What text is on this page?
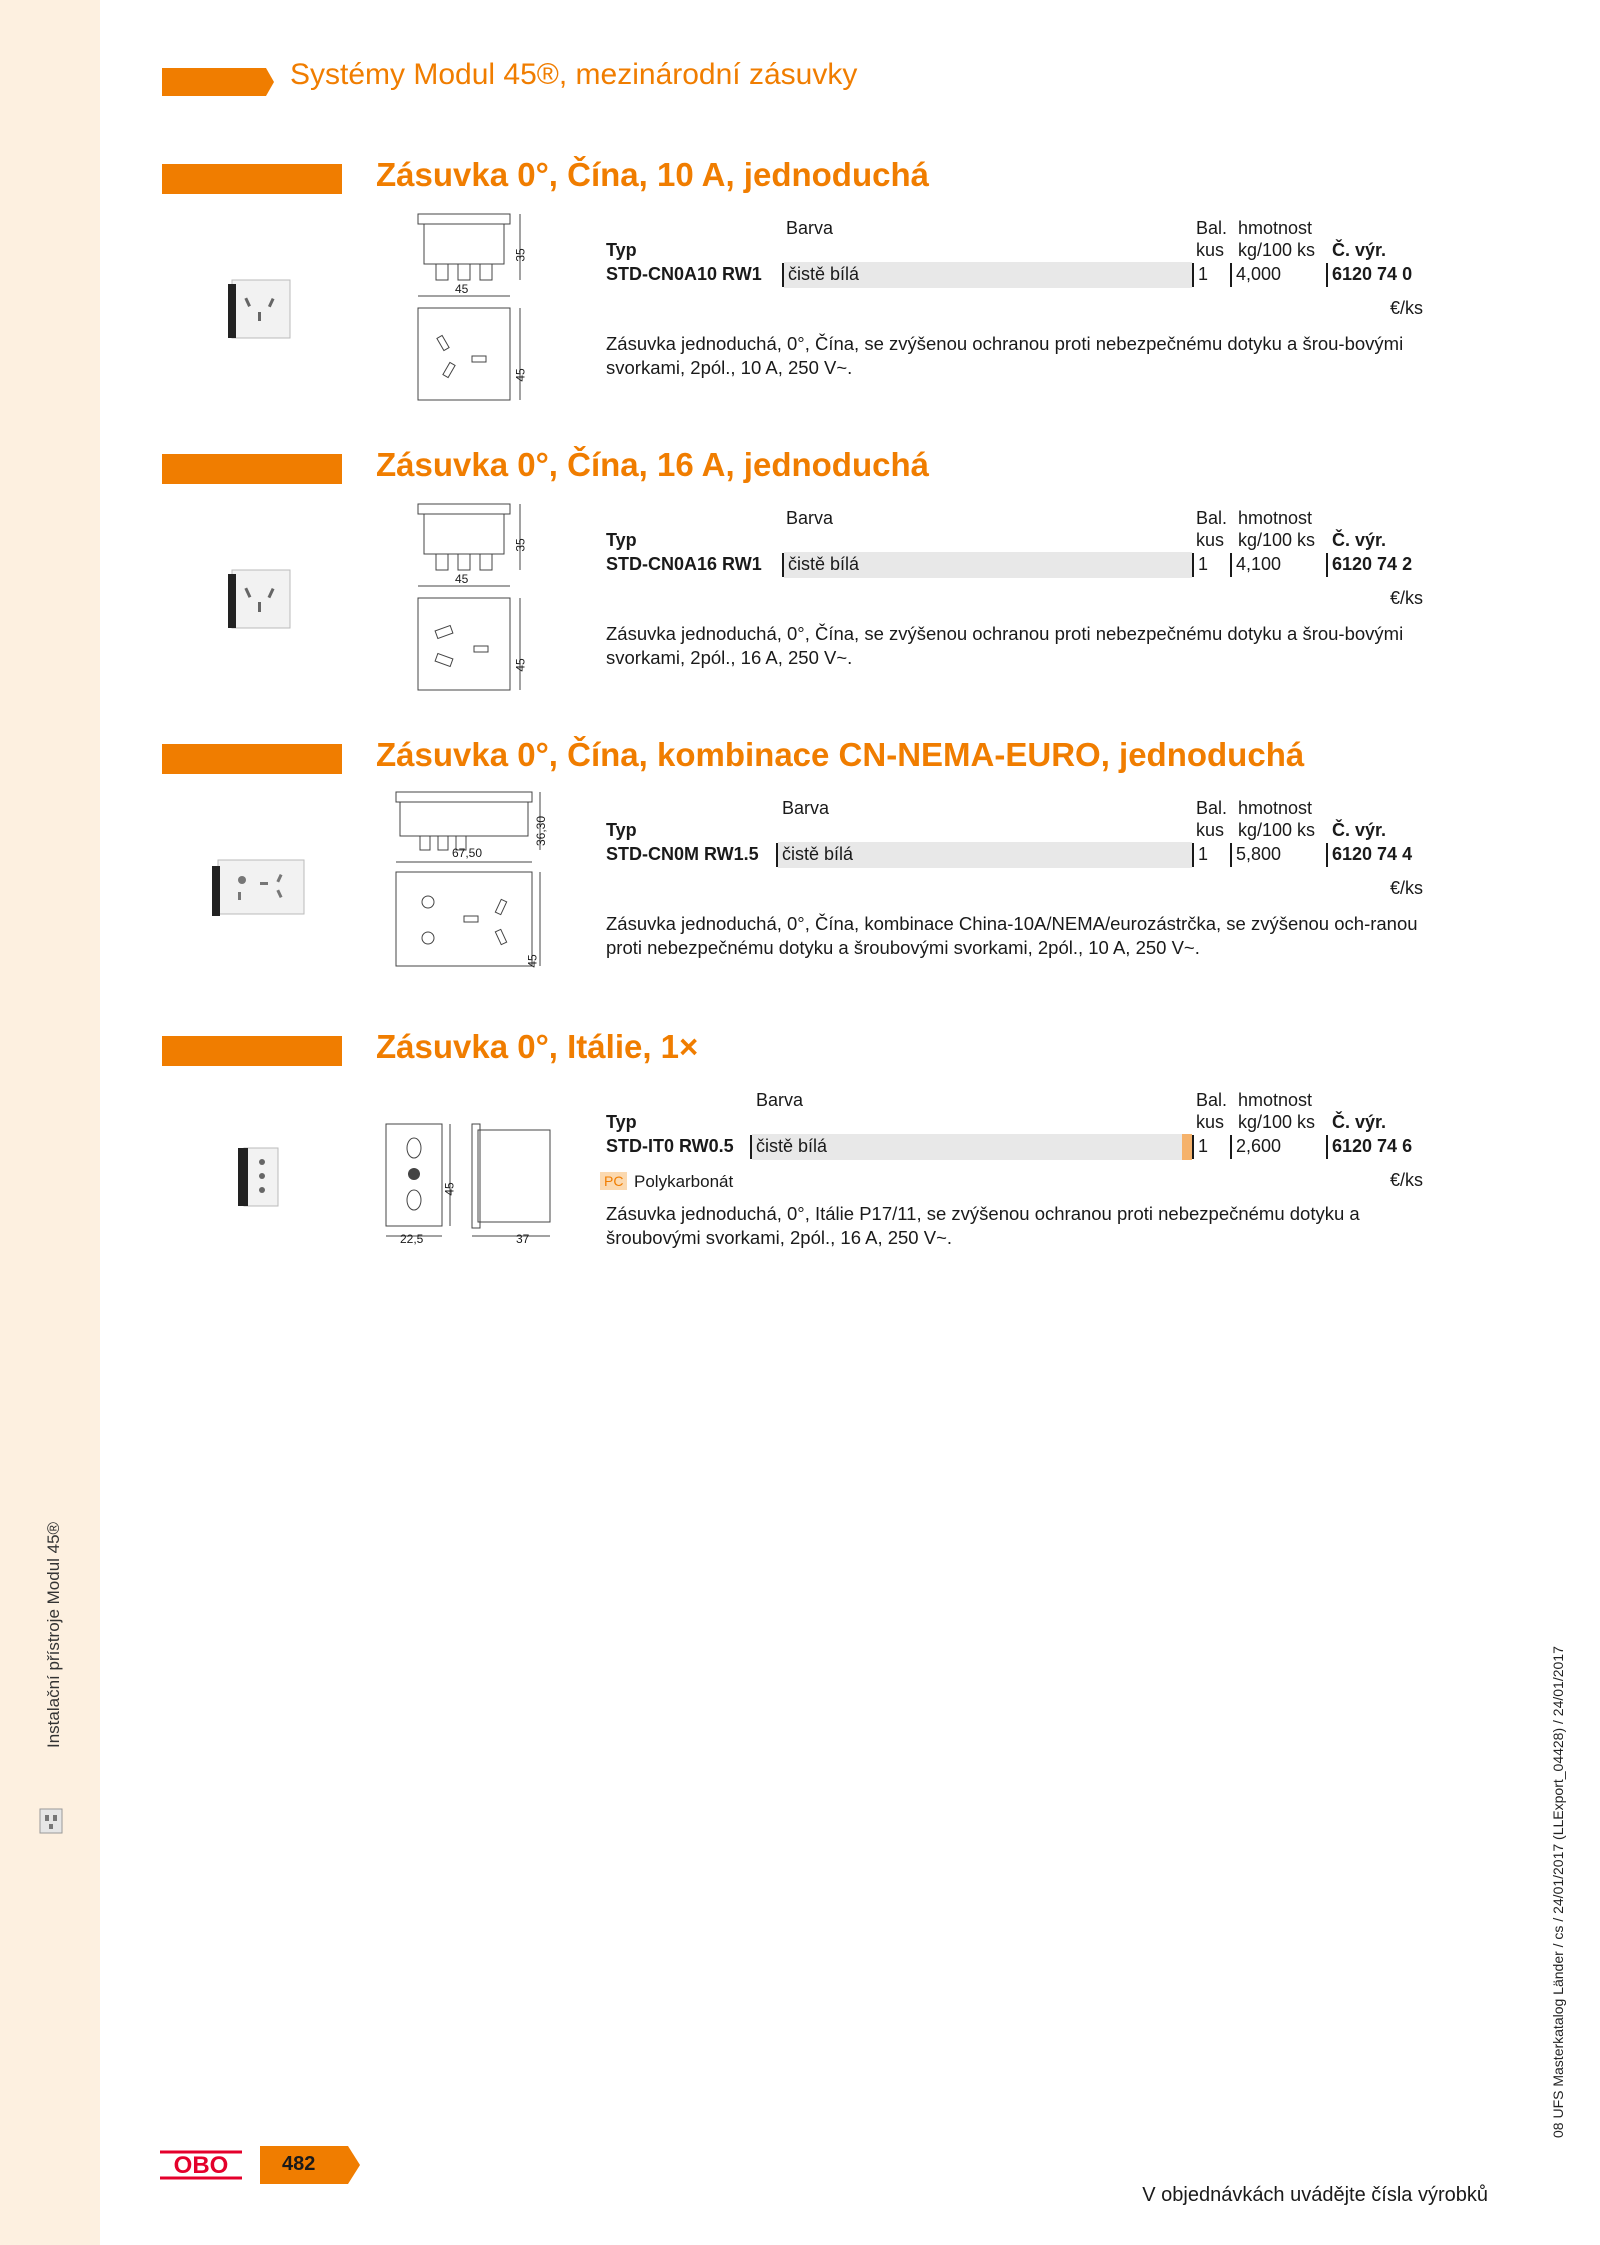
Instalační přístroje Modul 45®
08 UFS Masterkatalog Länder / cs / 24/01/2017 (LLExport_04428) / 24/01/2017
Systémy Modul 45®, mezinárodní zásuvky
Zásuvka 0°, Čína, 10 A, jednoduchá
35
45
45
Barva	Bal. hmotnost
Typ	kus kg/100 ks Č. výr.
STD-CN0A10 RW1 čistě bílá	1 4,000	6120 74 0
€/ks
Zásuvka jednoduchá, 0°, Čína, se zvýšenou ochranou proti nebezpečnému dotyku a šrou-bovými svorkami, 2pól., 10 A, 250 V~.
Zásuvka 0°, Čína, 16 A, jednoduchá
35
45
45
Barva	Bal. hmotnost
Typ	kus kg/100 ks Č. výr.
STD-CN0A16 RW1 čistě bílá	1 4,100	6120 74 2
€/ks
Zásuvka jednoduchá, 0°, Čína, se zvýšenou ochranou proti nebezpečnému dotyku a šrou-bovými svorkami, 2pól., 16 A, 250 V~.
Zásuvka 0°, Čína, kombinace CN-NEMA-EURO, jednoduchá
36,30
67,50
45
Barva	Bal. hmotnost
Typ	kus kg/100 ks Č. výr.
STD-CN0M RW1.5 čistě bílá	1 5,800	6120 74 4
€/ks
Zásuvka jednoduchá, 0°, Čína, kombinace China-10A/NEMA/eurozástrčka, se zvýšenou och-ranou proti nebezpečnému dotyku a šroubovými svorkami, 2pól., 10 A, 250 V~.
Zásuvka 0°, Itálie, 1×
45
22,5	37
Barva	Bal. hmotnost
Typ	kus kg/100 ks Č. výr.
STD-IT0 RW0.5 čistě bílá	1 2,600	6120 74 6
PC Polykarbonát	€/ks
Zásuvka jednoduchá, 0°, Itálie P17/11, se zvýšenou ochranou proti nebezpečnému dotyku a šroubovými svorkami, 2pól., 16 A, 250 V~.
OBO	482
V objednávkách uvádějte čísla výrobků
